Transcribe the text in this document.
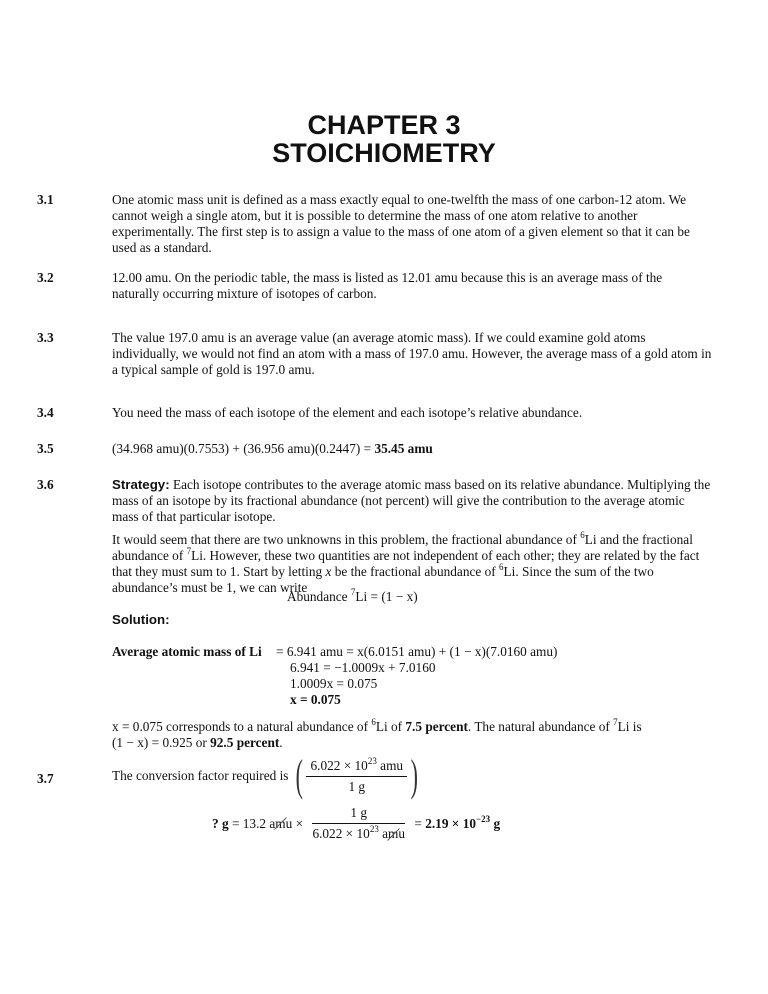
CHAPTER 3
STOICHIOMETRY
3.1	One atomic mass unit is defined as a mass exactly equal to one-twelfth the mass of one carbon-12 atom. We cannot weigh a single atom, but it is possible to determine the mass of one atom relative to another experimentally. The first step is to assign a value to the mass of one atom of a given element so that it can be used as a standard.
3.2	12.00 amu. On the periodic table, the mass is listed as 12.01 amu because this is an average mass of the naturally occurring mixture of isotopes of carbon.
3.3	The value 197.0 amu is an average value (an average atomic mass). If we could examine gold atoms individually, we would not find an atom with a mass of 197.0 amu. However, the average mass of a gold atom in a typical sample of gold is 197.0 amu.
3.4	You need the mass of each isotope of the element and each isotope’s relative abundance.
3.5	(34.968 amu)(0.7553) + (36.956 amu)(0.2447) = 35.45 amu
3.6	Strategy: Each isotope contributes to the average atomic mass based on its relative abundance. Multiplying the mass of an isotope by its fractional abundance (not percent) will give the contribution to the average atomic mass of that particular isotope.
It would seem that there are two unknowns in this problem, the fractional abundance of $^6$Li and the fractional abundance of $^7$Li. However, these two quantities are not independent of each other; they are related by the fact that they must sum to 1. Start by letting x be the fractional abundance of $^6$Li. Since the sum of the two abundance’s must be 1, we can write
Abundance $^7$Li = (1 − x)
Solution:
Average atomic mass of Li = 6.941 amu = x(6.0151 amu) + (1 − x)(7.0160 amu)
6.941 = −1.0009x + 7.0160
1.0009x = 0.075
x = 0.075
x = 0.075 corresponds to a natural abundance of $^6$Li of 7.5 percent. The natural abundance of $^7$Li is
(1 − x) = 0.925 or 92.5 percent.
3.7	The conversion factor required is ( $\frac{6.022 \times 10^{23} amu}{1 g}$ )
? g = 13.2 amu × $\frac{1 g}{6.022 \times 10^{23} amu} = 2.19 \times 10^{-23}$ g
